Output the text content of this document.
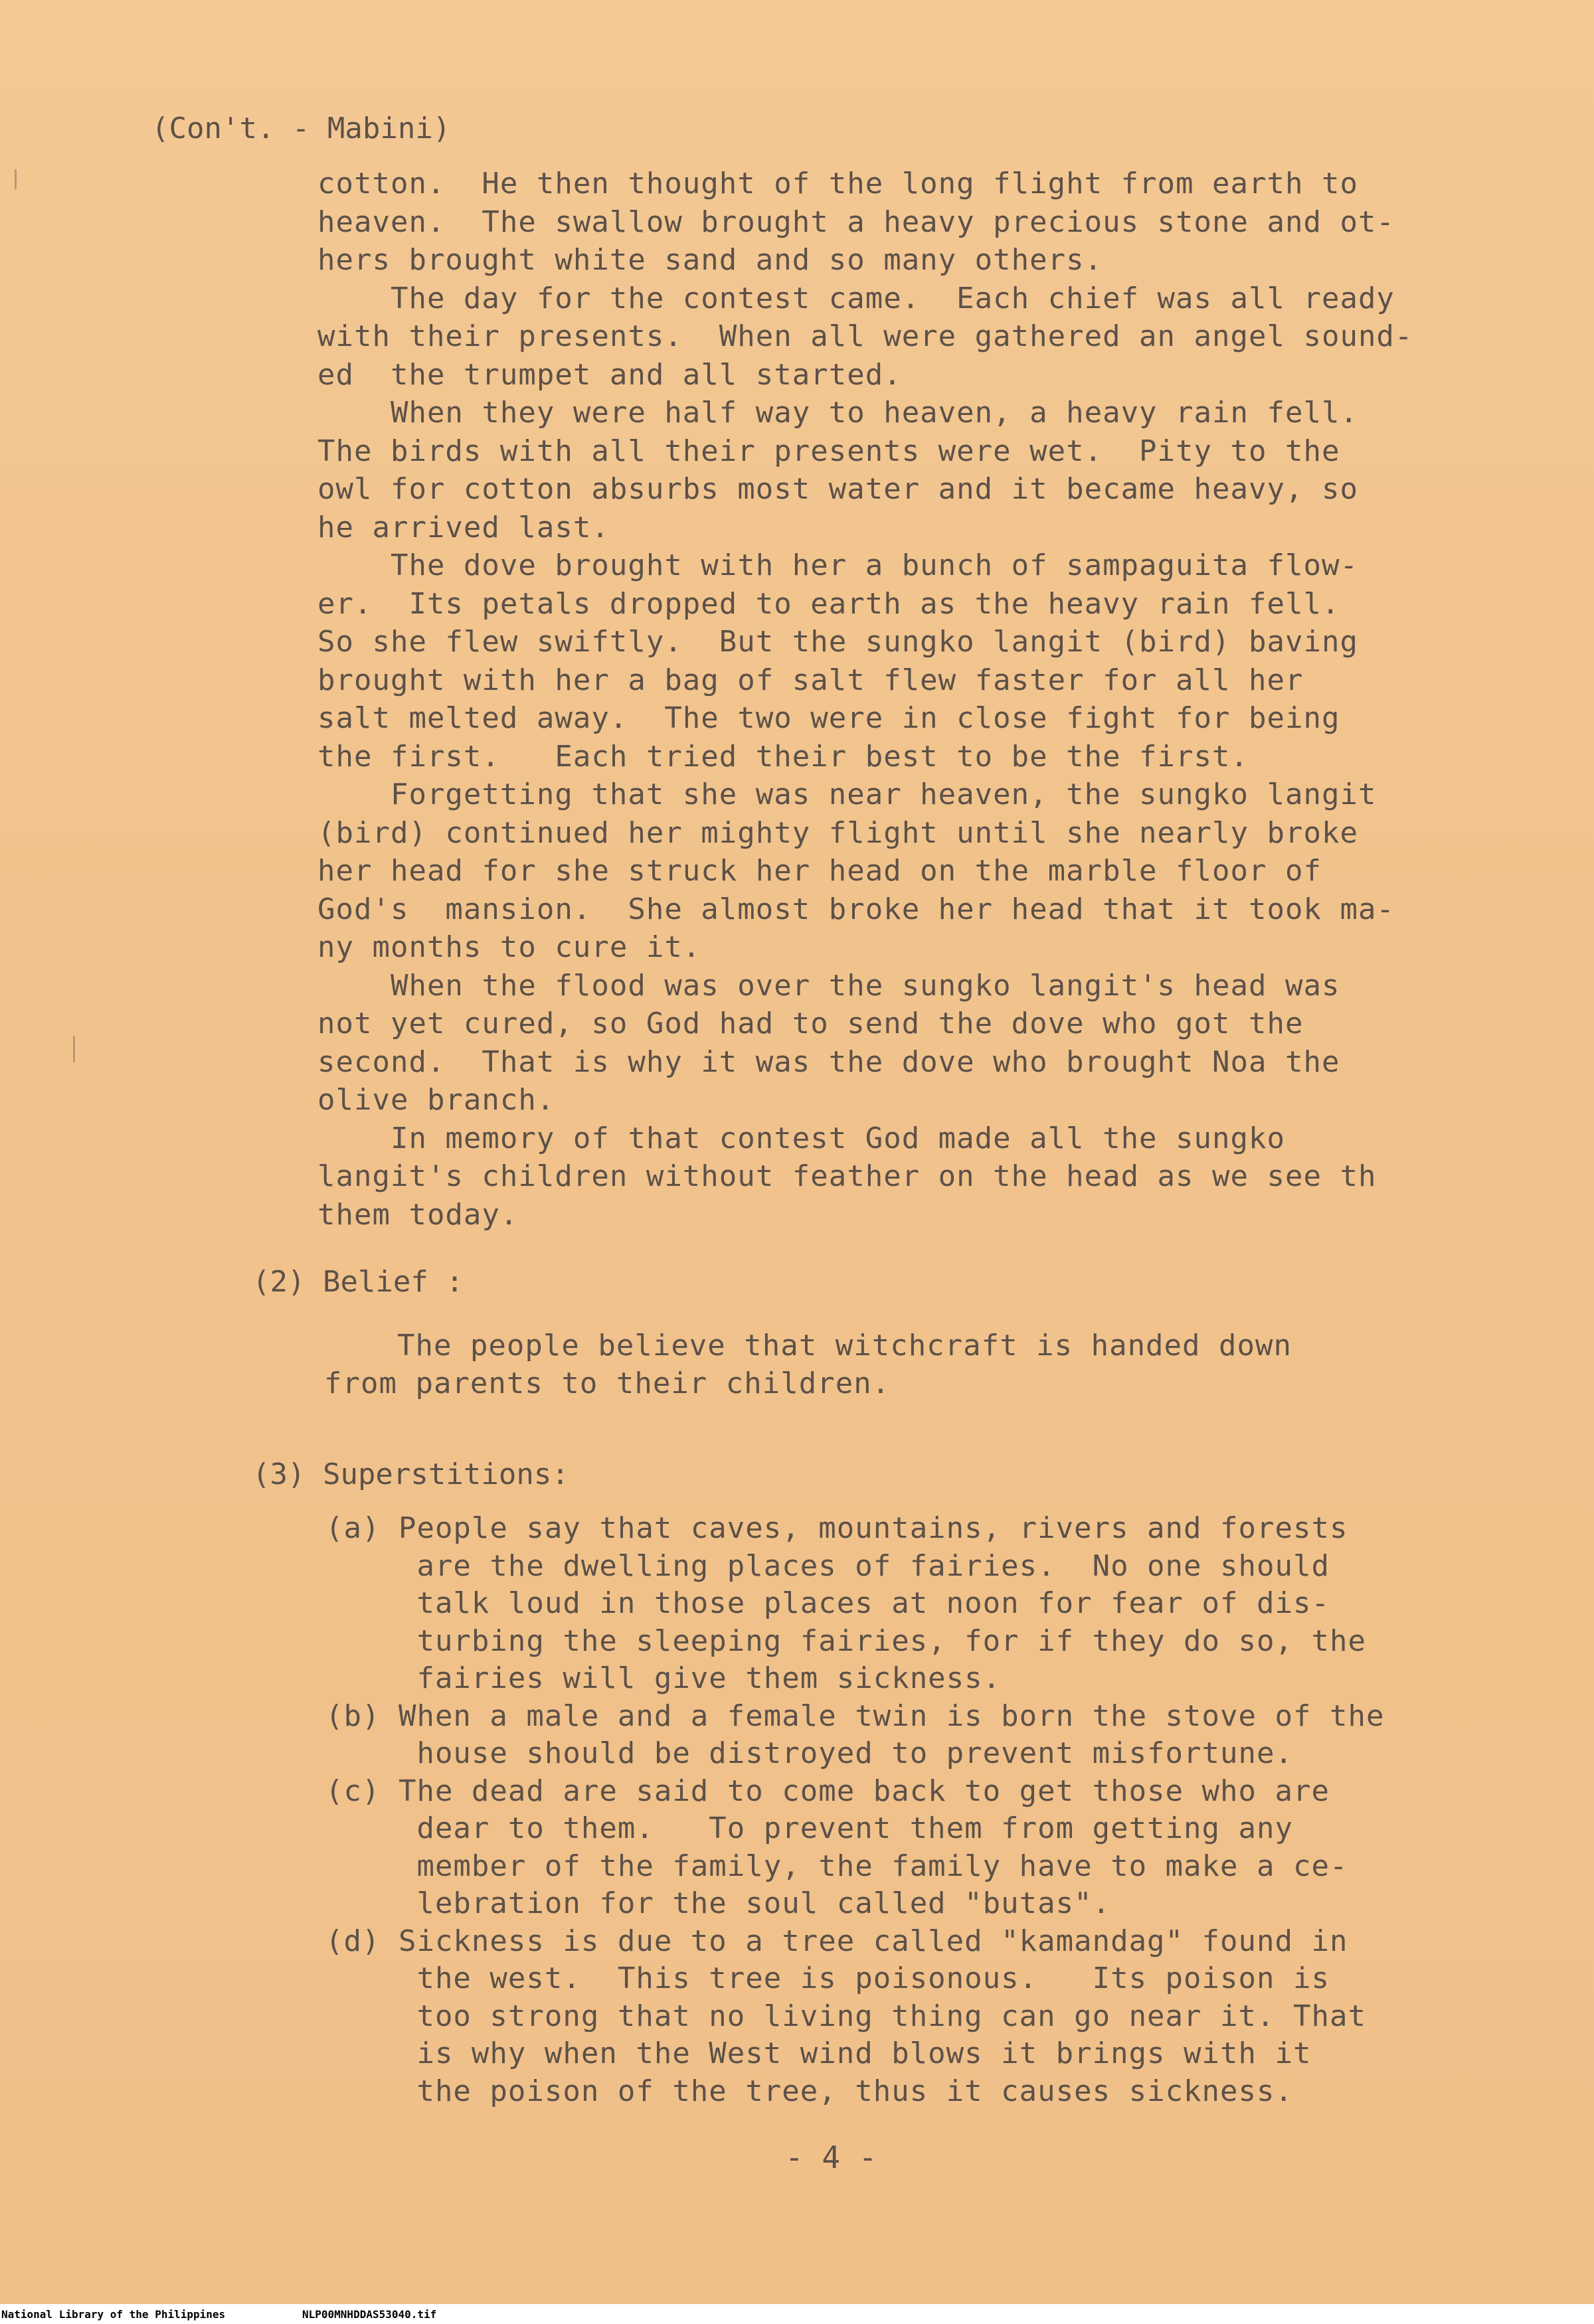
(Con't. - Mabini)
cotton.  He then thought of the long flight from earth to
heaven.  The swallow brought a heavy precious stone and ot-
hers brought white sand and so many others.
The day for the contest came.  Each chief was all ready
with their presents.  When all were gathered an angel sound-
ed  the trumpet and all started.
When they were half way to heaven, a heavy rain fell.
The birds with all their presents were wet.  Pity to the
owl for cotton absurbs most water and it became heavy, so
he arrived last.
The dove brought with her a bunch of sampaguita flow-
er.  Its petals dropped to earth as the heavy rain fell.
So she flew swiftly.  But the sungko langit (bird) baving
brought with her a bag of salt flew faster for all her
salt melted away.  The two were in close fight for being
the first.   Each tried their best to be the first.
Forgetting that she was near heaven, the sungko langit
(bird) continued her mighty flight until she nearly broke
her head for she struck her head on the marble floor of
God's  mansion.  She almost broke her head that it took ma-
ny months to cure it.
When the flood was over the sungko langit's head was
not yet cured, so God had to send the dove who got the
second.  That is why it was the dove who brought Noa the
olive branch.
In memory of that contest God made all the sungko
langit's children without feather on the head as we see th
them today.
(2) Belief :
The people believe that witchcraft is handed down
from parents to their children.
(3) Superstitions:
(a) People say that caves, mountains, rivers and forests
are the dwelling places of fairies.  No one should
talk loud in those places at noon for fear of dis-
turbing the sleeping fairies, for if they do so, the
fairies will give them sickness.
(b) When a male and a female twin is born the stove of the
house should be distroyed to prevent misfortune.
(c) The dead are said to come back to get those who are
dear to them.   To prevent them from getting any
member of the family, the family have to make a ce-
lebration for the soul called "butas".
(d) Sickness is due to a tree called "kamandag" found in
the west.  This tree is poisonous.   Its poison is
too strong that no living thing can go near it. That
is why when the West wind blows it brings with it
the poison of the tree, thus it causes sickness.
- 4 -
National Library of the Philippines	NLP00MNHDDAS53040.tif
